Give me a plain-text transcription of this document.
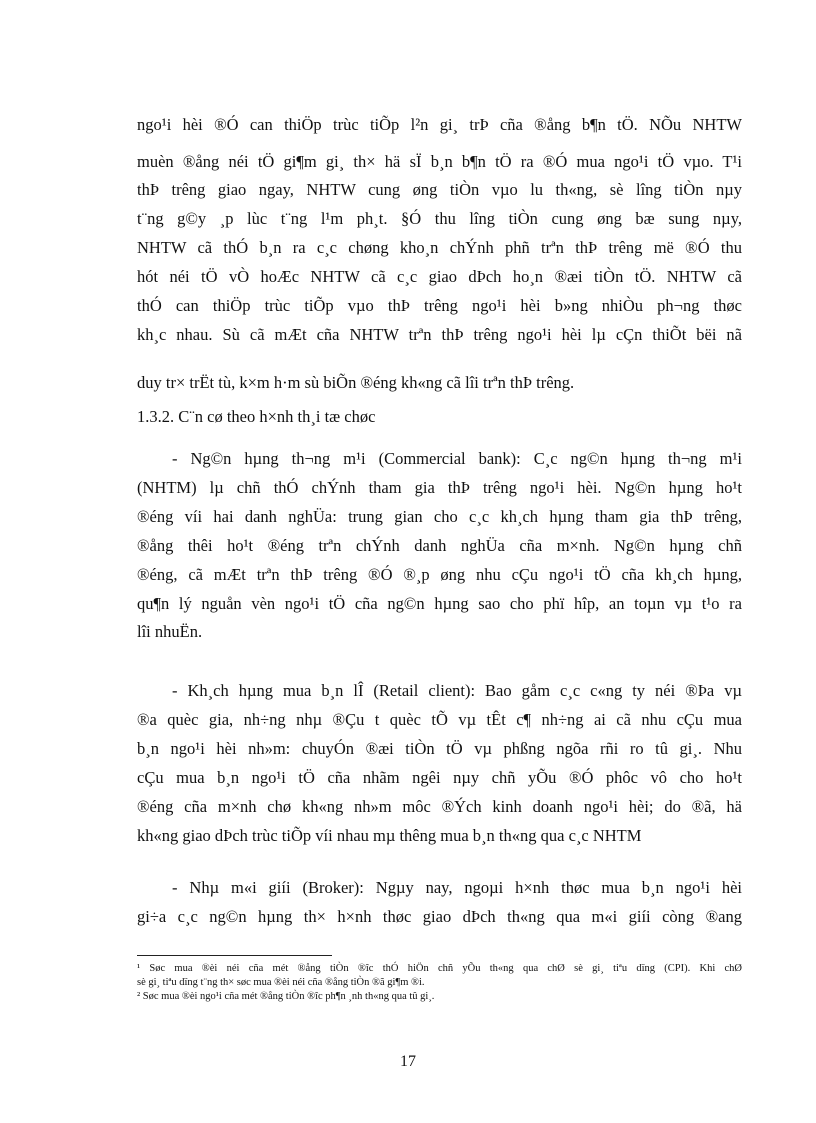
ngo¹i hèi ®Ó can thiÖp trùc tiÕp l²n gi¸ trÞ cña ®ång b¶n tÖ. NÕu NHTW
muèn ®ång néi tÖ gi¶m gi¸ th× hä sÏ b¸n b¶n tÖ ra ®Ó mua ngo¹i tÖ vµo. T¹i
thÞ trêng giao ngay, NHTW cung øng tiÒn vµo lu th«ng, sè lîng tiÒn nµy
t¨ng g©y ¸p lùc t¨ng l¹m ph¸t. §Ó thu lîng tiÒn cung øng bæ sung nµy,
NHTW cã thÓ b¸n ra c¸c chøng kho¸n chÝnh phñ trªn thÞ trêng më ®Ó thu
hót néi tÖ vÒ hoÆc NHTW cã c¸c giao dÞch ho¸n ®æi tiÒn tÖ. NHTW cã
thÓ can thiÖp trùc tiÕp vµo thÞ trêng ngo¹i hèi b»ng nhiÒu ph¬ng thøc
kh¸c nhau. Sù cã mÆt cña NHTW trªn thÞ trêng ngo¹i hèi lµ cÇn thiÕt bëi nã
duy tr× trËt tù, k×m h·m sù biÕn ®éng kh«ng cã lîi trªn thÞ trêng.
1.3.2. C¨n cø theo h×nh th¸i tæ chøc
- Ng©n hµng th¬ng m¹i (Commercial bank): C¸c ng©n hµng th¬ng m¹i
(NHTM) lµ chñ thÓ chÝnh tham gia thÞ trêng ngo¹i hèi. Ng©n hµng ho¹t
®éng víi hai danh nghÜa: trung gian cho c¸c kh¸ch hµng tham gia thÞ trêng,
®ång thêi ho¹t ®éng trªn chÝnh danh nghÜa cña m×nh. Ng©n hµng chñ
®éng, cã mÆt trªn thÞ trêng ®Ó ®¸p øng nhu cÇu ngo¹i tÖ cña kh¸ch hµng,
qu¶n lý nguån vèn ngo¹i tÖ cña ng©n hµng sao cho phï hîp, an toµn vµ t¹o ra
lîi nhuËn.
- Kh¸ch hµng mua b¸n lÎ (Retail client): Bao gåm c¸c c«ng ty néi ®Þa vµ
®a quèc gia, nh÷ng nhµ ®Çu t quèc tÕ vµ tÊt c¶ nh÷ng ai cã nhu cÇu mua
b¸n ngo¹i hèi nh»m: chuyÓn ®æi tiÒn tÖ vµ phßng ngõa rñi ro tû gi¸. Nhu
cÇu mua b¸n ngo¹i tÖ cña nhãm ngêi nµy chñ yÕu ®Ó phôc vô cho ho¹t
®éng cña m×nh chø kh«ng nh»m môc ®Ých kinh doanh ngo¹i hèi; do ®ã, hä
kh«ng giao dÞch trùc tiÕp víi nhau mµ thêng mua b¸n th«ng qua c¸c NHTM
- Nhµ m«i giíi (Broker): Ngµy nay, ngoµi h×nh thøc mua b¸n ngo¹i hèi
gi÷a c¸c ng©n hµng th× h×nh thøc giao dÞch th«ng qua m«i giíi còng ®ang
¹ Søc mua ®èi néi cña mét ®ång tiÒn ®îc thÓ hiÖn chñ yÕu th«ng qua chØ sè gi¸ tiªu dïng (CPI). Khi chØ
sè gi¸ tiªu dïng t¨ng th× søc mua ®èi néi cña ®ång tiÒn ®ã gi¶m ®i.
² Søc mua ®èi ngo¹i cña mét ®ång tiÒn ®îc ph¶n ¸nh th«ng qua tû gi¸.
17
